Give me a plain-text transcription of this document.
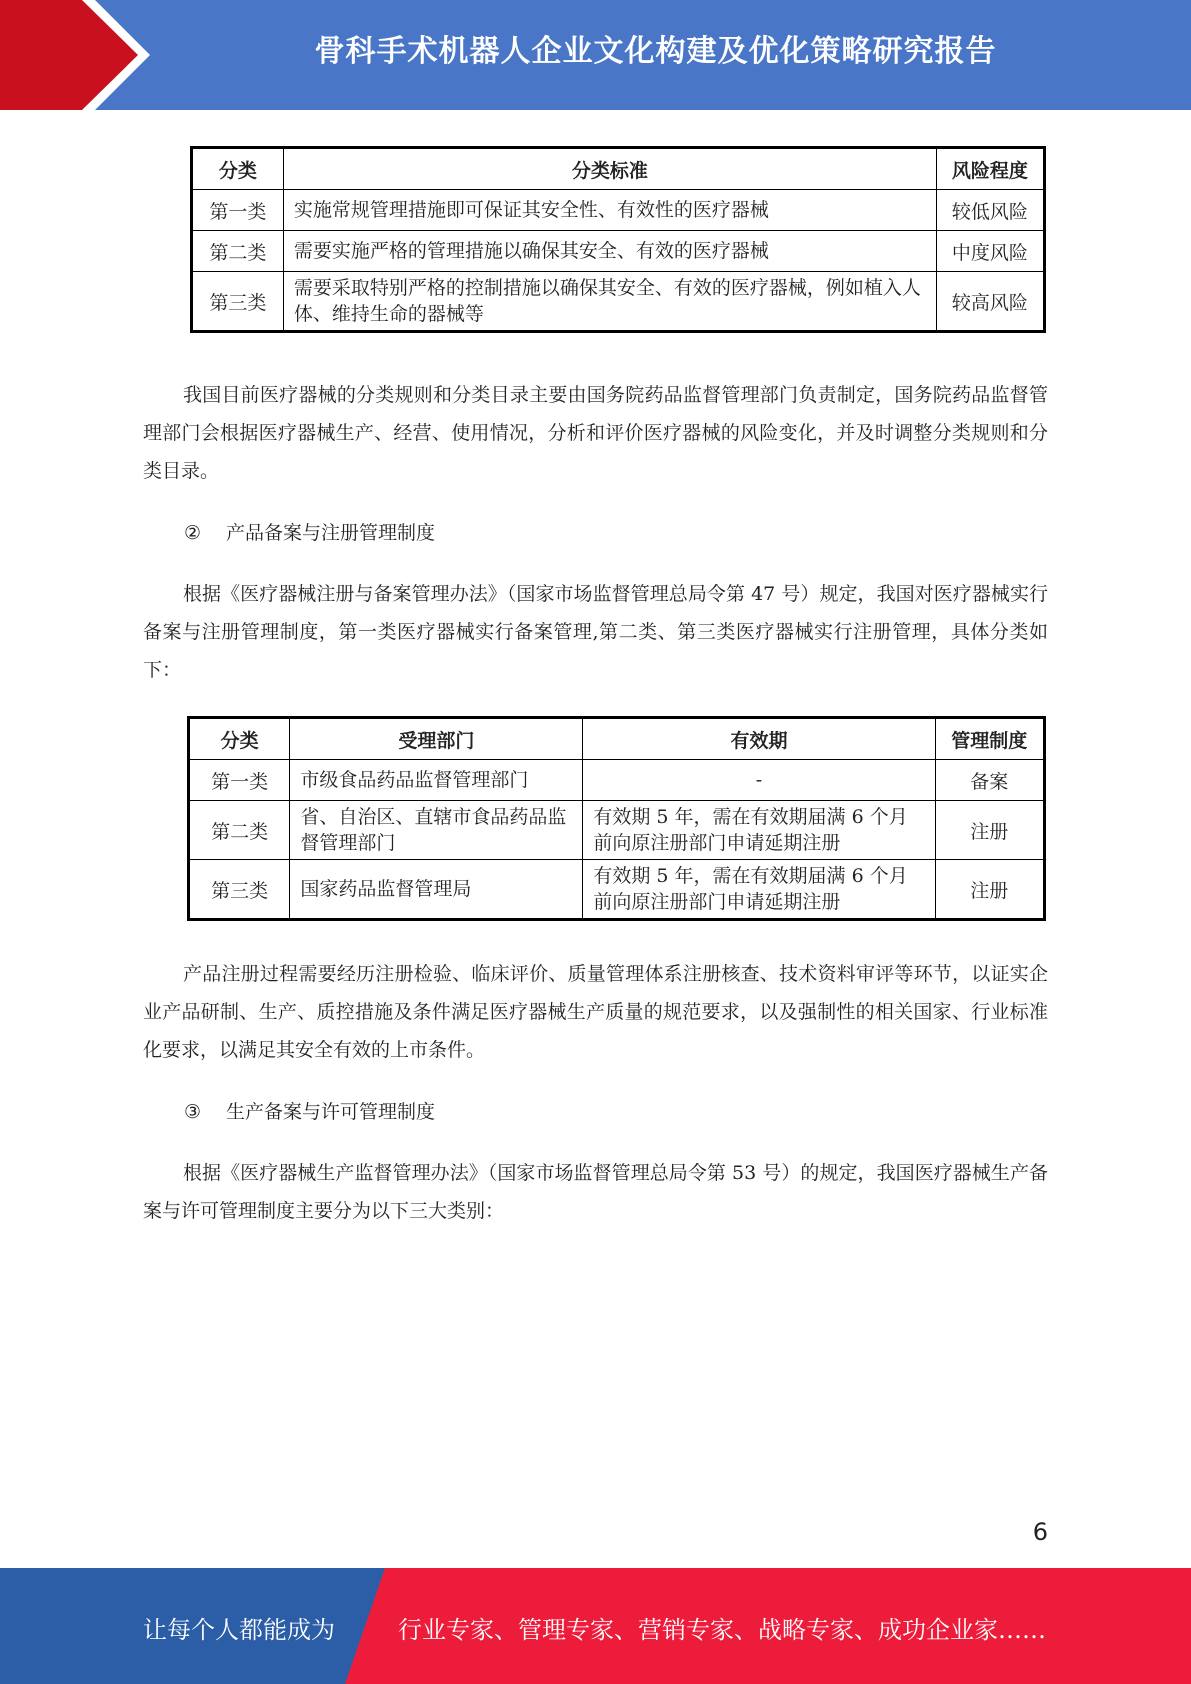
骨科手术机器人企业文化构建及优化策略研究报告
分类	分类标准	风险程度
第一类	实施常规管理措施即可保证其安全性、有效性的医疗器械	较低风险
第二类	需要实施严格的管理措施以确保其安全、有效的医疗器械	中度风险
第三类	需要采取特别严格的控制措施以确保其安全、有效的医疗器械，例如植入人体、维持生命的器械等	较高风险
我国目前医疗器械的分类规则和分类目录主要由国务院药品监督管理部门负责制定，国务院药品监督管理部门会根据医疗器械生产、经营、使用情况，分析和评价医疗器械的风险变化，并及时调整分类规则和分类目录。
② 产品备案与注册管理制度
根据《医疗器械注册与备案管理办法》（国家市场监督管理总局令第 47 号）规定，我国对医疗器械实行备案与注册管理制度，第一类医疗器械实行备案管理,第二类、第三类医疗器械实行注册管理，具体分类如下：
分类	受理部门	有效期	管理制度
第一类	市级食品药品监督管理部门	-	备案
第二类	省、自治区、直辖市食品药品监督管理部门	有效期 5 年，需在有效期届满 6 个月前向原注册部门申请延期注册	注册
第三类	国家药品监督管理局	有效期 5 年，需在有效期届满 6 个月前向原注册部门申请延期注册	注册
产品注册过程需要经历注册检验、临床评价、质量管理体系注册核查、技术资料审评等环节，以证实企业产品研制、生产、质控措施及条件满足医疗器械生产质量的规范要求，以及强制性的相关国家、行业标准化要求，以满足其安全有效的上市条件。
③ 生产备案与许可管理制度
根据《医疗器械生产监督管理办法》（国家市场监督管理总局令第 53 号）的规定，我国医疗器械生产备案与许可管理制度主要分为以下三大类别：
6
让每个人都能成为	行业专家、管理专家、营销专家、战略专家、成功企业家……
